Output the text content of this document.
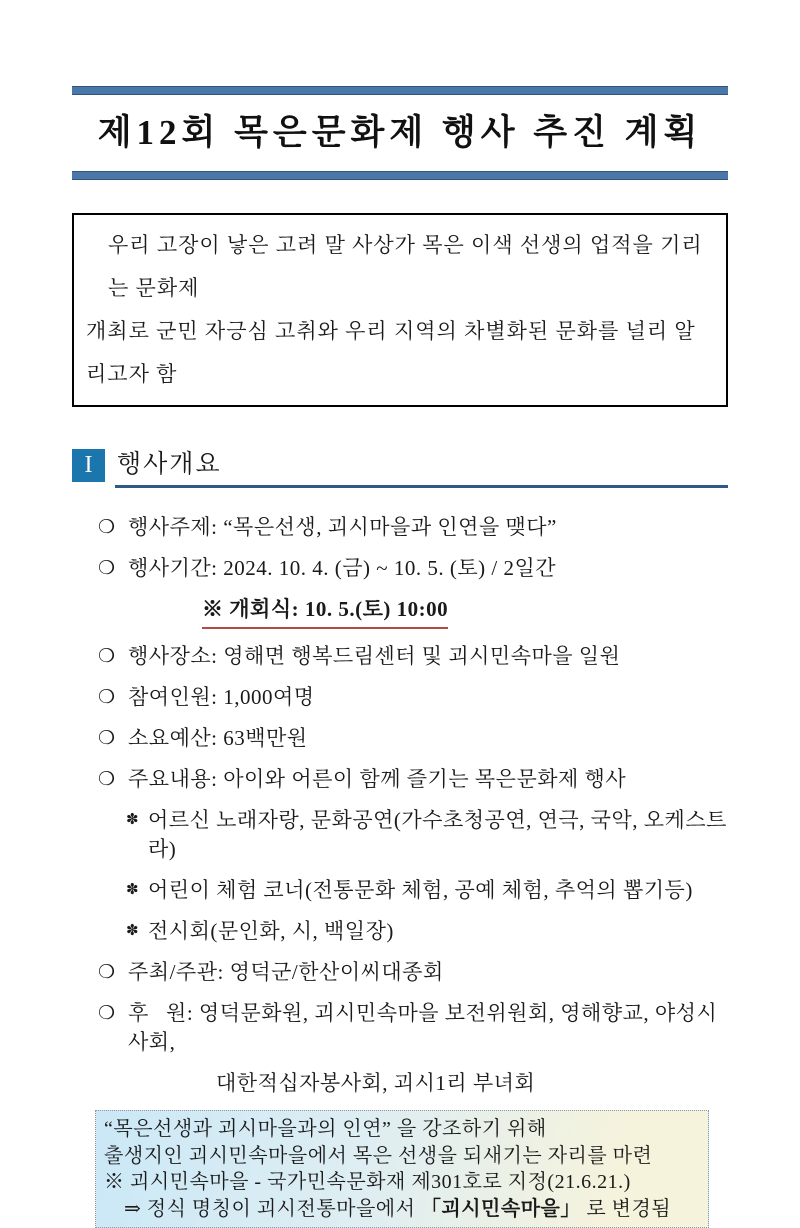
제12회 목은문화제 행사 추진 계획

우리 고장이 낳은 고려 말 사상가 목은 이색 선생의 업적을 기리는 문화제

개최로 군민 자긍심 고취와 우리 지역의 차별화된 문화를 널리 알리고자 함

I 행사개요
❍ 행사주제: “목은선생, 괴시마을과 인연을 맺다”
❍ 행사기간: 2024. 10. 4. (금) ~ 10. 5. (토) / 2일간
※ 개회식: 10. 5.(토) 10:00
❍ 행사장소: 영해면 행복드림센터 및 괴시민속마을 일원
❍ 참여인원: 1,000여명
❍ 소요예산: 63백만원
❍ 주요내용: 아이와 어른이 함께 즐기는 목은문화제 행사
✽ 어르신 노래자랑, 문화공연(가수초청공연, 연극, 국악, 오케스트라)
✽ 어린이 체험 코너(전통문화 체험, 공예 체험, 추억의 뽑기등)
✽ 전시회(문인화, 시, 백일장)
❍ 주최/주관: 영덕군/한산이씨대종회
❍ 후   원: 영덕문화원, 괴시민속마을 보전위원회, 영해향교, 야성시사회,
대한적십자봉사회, 괴시1리 부녀회

“목은선생과 괴시마을과의 인연” 을 강조하기 위해

출생지인 괴시민속마을에서 목은 선생을 되새기는 자리를 마련

※ 괴시민속마을 - 국가민속문화재 제301호로 지정(21.6.21.)

⇒ 정식 명칭이 괴시전통마을에서 「괴시민속마을」 로 변경됨
